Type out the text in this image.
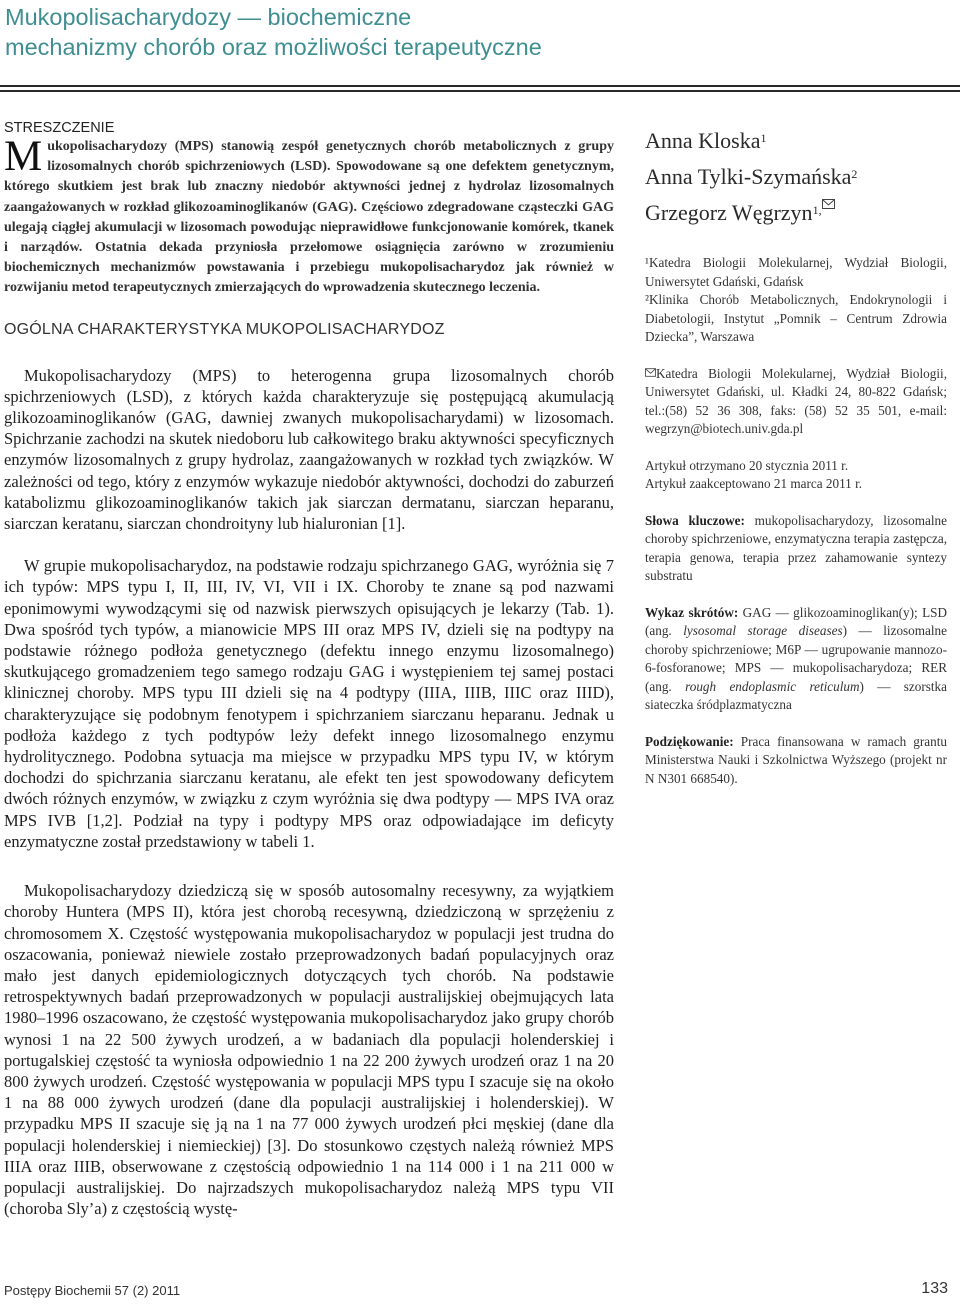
Mukopolisacharydozy — biochemiczne
mechanizmy chorób oraz możliwości terapeutyczne
STRESZCZENIE

Mukopolisacharydozy (MPS) stanowią zespół genetycznych chorób metabolicznych z grupy lizosomalnych chorób spichrzeniowych (LSD). Spowodowane są one defektem genetycznym, którego skutkiem jest brak lub znaczny niedobór aktywności jednej z hydrolaz lizosomalnych zaangażowanych w rozkład glikozoaminoglikanów (GAG). Częściowo zdegradowane cząsteczki GAG ulegają ciągłej akumulacji w lizosomach powodując nieprawidłowe funkcjonowanie komórek, tkanek i narządów. Ostatnia dekada przyniosła przełomowe osiągnięcia zarówno w zrozumieniu biochemicznych mechanizmów powstawania i przebiegu mukopolisacharydoz jak również w rozwijaniu metod terapeutycznych zmierzających do wprowadzenia skutecznego leczenia.

OGÓLNA CHARAKTERYSTYKA MUKOPOLISACHARYDOZ

Mukopolisacharydozy (MPS) to heterogenna grupa lizosomalnych chorób spichrzeniowych (LSD), z których każda charakteryzuje się postępującą akumulacją glikozoaminoglikanów (GAG, dawniej zwanych mukopolisacharydami) w lizosomach. Spichrzanie zachodzi na skutek niedoboru lub całkowitego braku aktywności specyficznych enzymów lizosomalnych z grupy hydrolaz, zaangażowanych w rozkład tych związków. W zależności od tego, który z enzymów wykazuje niedobór aktywności, dochodzi do zaburzeń katabolizmu glikozoaminoglikanów takich jak siarczan dermatanu, siarczan heparanu, siarczan keratanu, siarczan chondroityny lub hialuronian [1].

W grupie mukopolisacharydoz, na podstawie rodzaju spichrzanego GAG, wyróżnia się 7 ich typów: MPS typu I, II, III, IV, VI, VII i IX. Choroby te znane są pod nazwami eponimowymi wywodzącymi się od nazwisk pierwszych opisujących je lekarzy (Tab. 1). Dwa spośród tych typów, a mianowicie MPS III oraz MPS IV, dzieli się na podtypy na podstawie różnego podłoża genetycznego (defektu innego enzymu lizosomalnego) skutkującego gromadzeniem tego samego rodzaju GAG i występieniem tej samej postaci klinicznej choroby. MPS typu III dzieli się na 4 podtypy (IIIA, IIIB, IIIC oraz IIID), charakteryzujące się podobnym fenotypem i spichrzaniem siarczanu heparanu. Jednak u podłoża każdego z tych podtypów leży defekt innego lizosomalnego enzymu hydrolitycznego. Podobna sytuacja ma miejsce w przypadku MPS typu IV, w którym dochodzi do spichrzania siarczanu keratanu, ale efekt ten jest spowodowany deficytem dwóch różnych enzymów, w związku z czym wyróżnia się dwa podtypy — MPS IVA oraz MPS IVB [1,2]. Podział na typy i podtypy MPS oraz odpowiadające im deficyty enzymatyczne został przedstawiony w tabeli 1.

Mukopolisacharydozy dziedziczą się w sposób autosomalny recesywny, za wyjątkiem choroby Huntera (MPS II), która jest chorobą recesywną, dziedziczoną w sprzężeniu z chromosomem X. Częstość występowania mukopolisacharydoz w populacji jest trudna do oszacowania, ponieważ niewiele zostało przeprowadzonych badań populacyjnych oraz mało jest danych epidemiologicznych dotyczących tych chorób. Na podstawie retrospektywnych badań przeprowadzonych w populacji australijskiej obejmujących lata 1980–1996 oszacowano, że częstość występowania mukopolisacharydoz jako grupy chorób wynosi 1 na 22 500 żywych urodzeń, a w badaniach dla populacji holenderskiej i portugalskiej częstość ta wyniosła odpowiednio 1 na 22 200 żywych urodzeń oraz 1 na 20 800 żywych urodzeń. Częstość występowania w populacji MPS typu I szacuje się na około 1 na 88 000 żywych urodzeń (dane dla populacji australijskiej i holenderskiej). W przypadku MPS II szacuje się ją na 1 na 77 000 żywych urodzeń płci męskiej (dane dla populacji holenderskiej i niemieckiej) [3]. Do stosunkowo częstych należą również MPS IIIA oraz IIIB, obserwowane z częstością odpowiednio 1 na 114 000 i 1 na 211 000 w populacji australijskiej. Do najrzadszych mukopolisacharydoz należą MPS typu VII (choroba Sly’a) z częstością wystę-

Anna Kloska$^1$
Anna Tylki-Szymańska$^2$
Grzegorz Węgrzyn$^{1,}$

¹Katedra Biologii Molekularnej, Wydział Biologii, Uniwersytet Gdański, Gdańsk

²Klinika Chorób Metabolicznych, Endokrynologii i Diabetologii, Instytut „Pomnik – Centrum Zdrowia Dziecka”, Warszawa

Katedra Biologii Molekularnej, Wydział Biologii, Uniwersytet Gdański, ul. Kładki 24, 80-822 Gdańsk; tel.:(58) 52 36 308, faks: (58) 52 35 501, e-mail: wegrzyn@biotech.univ.gda.pl

Artykuł otrzymano 20 stycznia 2011 r.

Artykuł zaakceptowano 21 marca 2011 r.

Słowa kluczowe: mukopolisacharydozy, lizosomalne choroby spichrzeniowe, enzymatyczna terapia zastępcza, terapia genowa, terapia przez zahamowanie syntezy substratu

Wykaz skrótów: GAG — glikozoaminoglikan(y); LSD (ang. lysosomal storage diseases) — lizosomalne choroby spichrzeniowe; M6P — ugrupowanie mannozo-6-fosforanowe; MPS — mukopolisacharydoza; RER (ang. rough endoplasmic reticulum) — szorstka siateczka śródplazmatyczna

Podziękowanie: Praca finansowana w ramach grantu Ministerstwa Nauki i Szkolnictwa Wyższego (projekt nr N N301 668540).

Postępy Biochemii 57 (2) 2011	133
